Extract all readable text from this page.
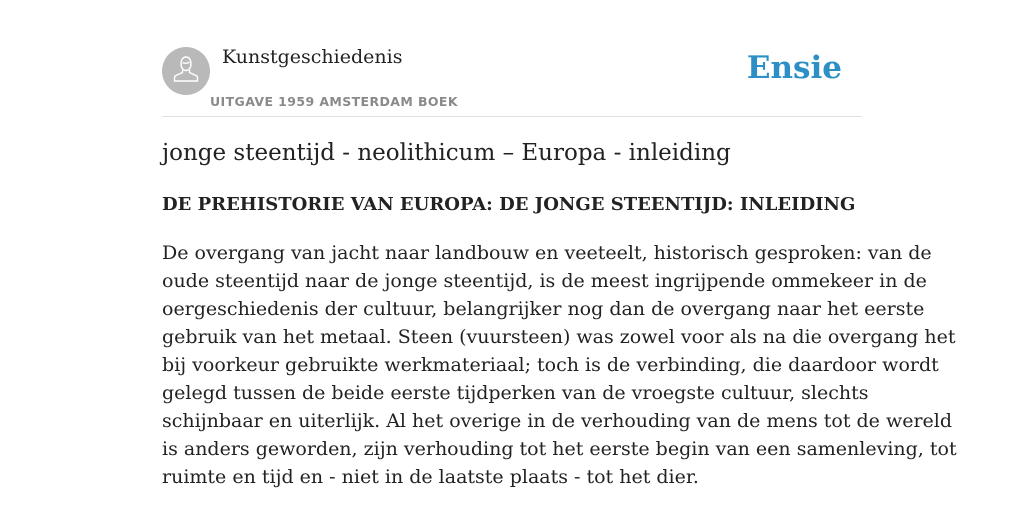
Kunstgeschiedenis
UITGAVE 1959 AMSTERDAM BOEK
Ensie
jonge steentijd - neolithicum – Europa - inleiding
DE PREHISTORIE VAN EUROPA: DE JONGE STEENTIJD: INLEIDING

De overgang van jacht naar landbouw en veeteelt, historisch gesproken: van de
oude steentijd naar de jonge steentijd, is de meest ingrijpende ommekeer in de
oergeschiedenis der cultuur, belangrijker nog dan de overgang naar het eerste
gebruik van het metaal. Steen (vuursteen) was zowel voor als na die overgang het
bij voorkeur gebruikte werkmateriaal; toch is de verbinding, die daardoor wordt
gelegd tussen de beide eerste tijdperken van de vroegste cultuur, slechts
schijnbaar en uiterlijk. Al het overige in de verhouding van de mens tot de wereld
is anders geworden, zijn verhouding tot het eerste begin van een samenleving, tot
ruimte en tijd en - niet in de laatste plaats - tot het dier.
